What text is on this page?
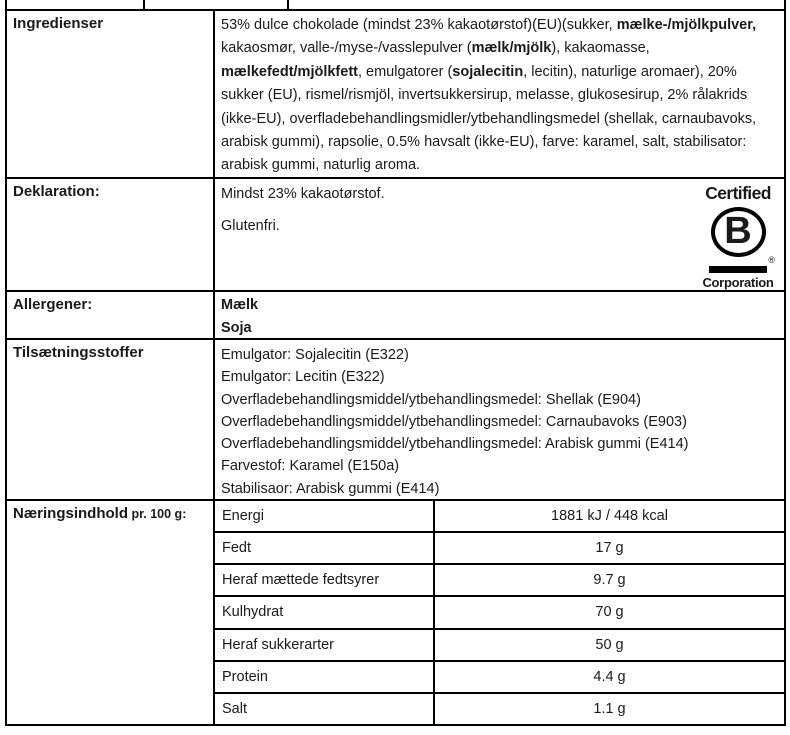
Ingredienser	53% dulce chokolade (mindst 23% kakaotørstof)(EU)(sukker, mælke-/mjölkpulver, kakaosmør, valle-/myse-/vasslepulver (mælk/mjölk), kakaomasse, mælkefedt/mjölkfett, emulgatorer (sojalecitin, lecitin), naturlige aromaer), 20% sukker (EU), rismel/rismjöl, invertsukkersirup, melasse, glukosesirup, 2% rålakrids (ikke-EU), overfladebehandlingsmidler/ytbehandlingsmedel (shellak, carnaubavoks, arabisk gummi), rapsolie, 0.5% havsalt (ikke-EU), farve: karamel, salt, stabilisator: arabisk gummi, naturlig aroma.
Deklaration:	Mindst 23% kakaotørstof.

Glutenfri.

Certified
B
®
Corporation
Allergener:	Mælk
Soja
Tilsætningsstoffer	Emulgator: Sojalecitin (E322)
Emulgator: Lecitin (E322)
Overfladebehandlingsmiddel/ytbehandlingsmedel: Shellak (E904)
Overfladebehandlingsmiddel/ytbehandlingsmedel: Carnaubavoks (E903)
Overfladebehandlingsmiddel/ytbehandlingsmedel: Arabisk gummi (E414)
Farvestof: Karamel (E150a)
Stabilisaor: Arabisk gummi (E414)
Næringsindhold pr. 100 g:	Energi	1881 kJ / 448 kcal
Fedt	17 g
Heraf mættede fedtsyrer	9.7 g
Kulhydrat	70 g
Heraf sukkerarter	50 g
Protein	4.4 g
Salt	1.1 g
